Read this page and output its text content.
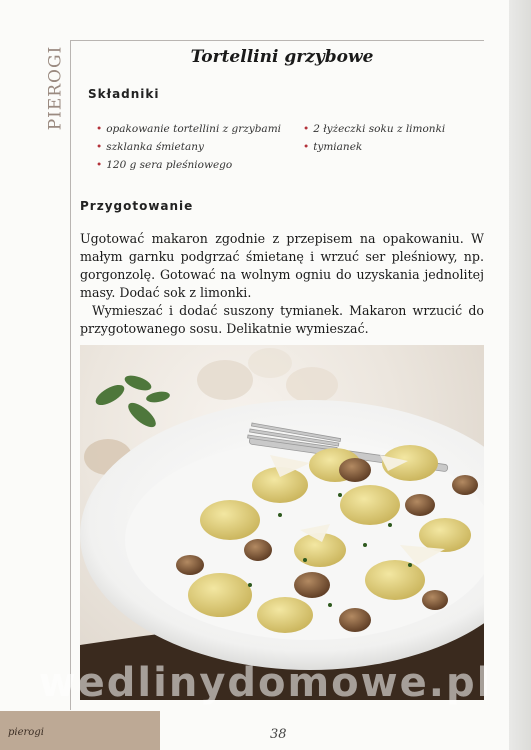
PIEROGI	Tortellini grzybowe
Składniki
• opakowanie tortellini z grzybami
• szklanka śmietany
• 120 g sera pleśniowego
• 2 łyżeczki soku z limonki
• tymianek
Przygotowanie

Ugotować makaron zgodnie z przepisem na opakowaniu. W małym garnku podgrzać śmietanę i wrzuć ser pleśniowy, np. gorgonzolę. Gotować na wolnym ogniu do uzyskania jednolitej masy. Dodać sok z limonki.

Wymieszać i dodać suszony tymianek. Makaron wrzucić do przygotowanego sosu. Delikatnie wymieszać.

wedlinydomowe.pl
pierogi	38
